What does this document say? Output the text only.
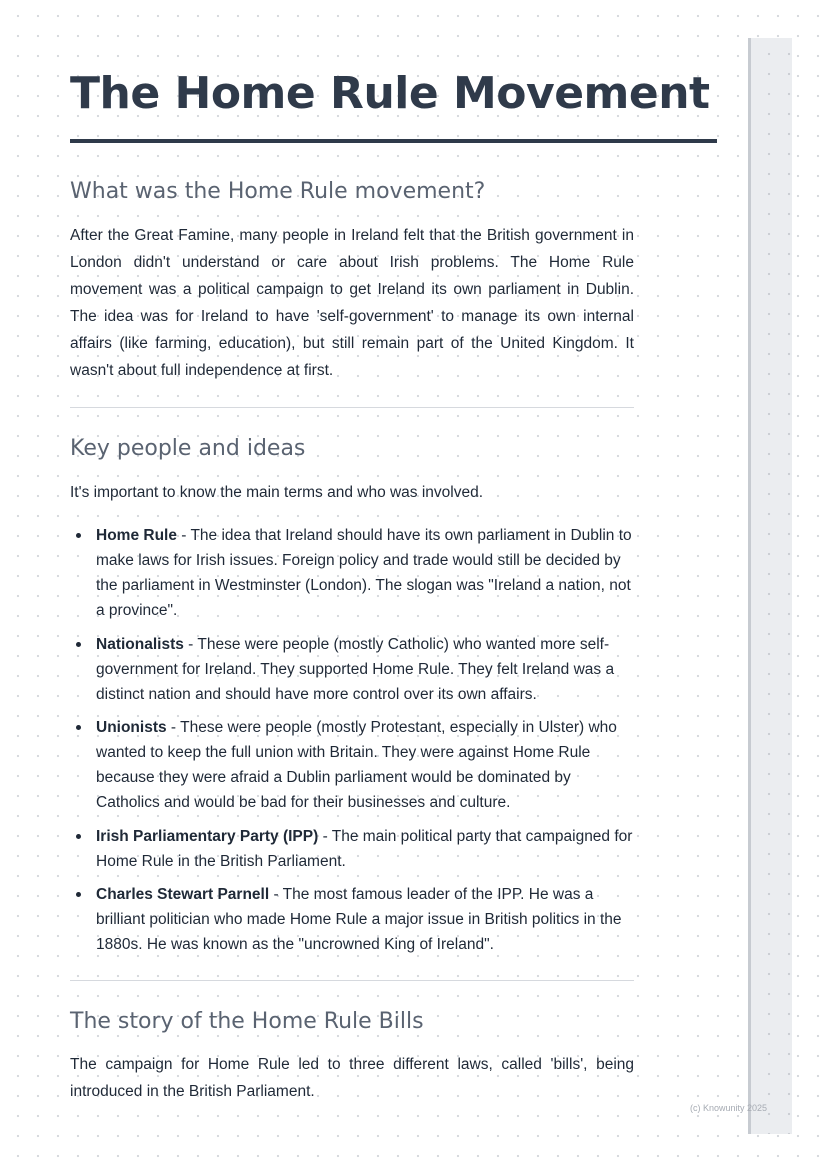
The Home Rule Movement
What was the Home Rule movement?

After the Great Famine, many people in Ireland felt that the British government in London didn't understand or care about Irish problems. The Home Rule movement was a political campaign to get Ireland its own parliament in Dublin. The idea was for Ireland to have 'self-government' to manage its own internal affairs (like farming, education), but still remain part of the United Kingdom. It wasn't about full independence at first.

Key people and ideas

It's important to know the main terms and who was involved.

Home Rule - The idea that Ireland should have its own parliament in Dublin to make laws for Irish issues. Foreign policy and trade would still be decided by the parliament in Westminster (London). The slogan was "Ireland a nation, not a province".
Nationalists - These were people (mostly Catholic) who wanted more self-government for Ireland. They supported Home Rule. They felt Ireland was a distinct nation and should have more control over its own affairs.
Unionists - These were people (mostly Protestant, especially in Ulster) who wanted to keep the full union with Britain. They were against Home Rule because they were afraid a Dublin parliament would be dominated by Catholics and would be bad for their businesses and culture.
Irish Parliamentary Party (IPP) - The main political party that campaigned for Home Rule in the British Parliament.
Charles Stewart Parnell - The most famous leader of the IPP. He was a brilliant politician who made Home Rule a major issue in British politics in the 1880s. He was known as the "uncrowned King of Ireland".
The story of the Home Rule Bills

The campaign for Home Rule led to three different laws, called 'bills', being introduced in the British Parliament.

(c) Knowunity 2025
